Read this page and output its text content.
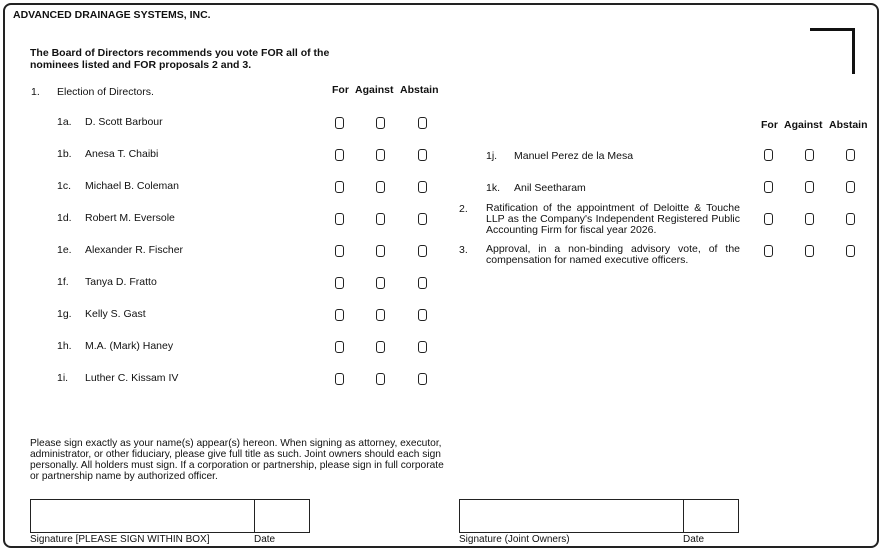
ADVANCED DRAINAGE SYSTEMS, INC.
The Board of Directors recommends you vote FOR all of the nominees listed and FOR proposals 2 and 3.
For Against Abstain
1. Election of Directors.
1a. D. Scott Barbour
1b. Anesa T. Chaibi
1c. Michael B. Coleman
1d. Robert M. Eversole
1e. Alexander R. Fischer
1f. Tanya D. Fratto
1g. Kelly S. Gast
1h. M.A. (Mark) Haney
1i. Luther C. Kissam IV
For Against Abstain
1j. Manuel Perez de la Mesa
1k. Anil Seetharam
2. Ratification of the appointment of Deloitte & Touche LLP as the Company's Independent Registered Public Accounting Firm for fiscal year 2026.
3. Approval, in a non-binding advisory vote, of the compensation for named executive officers.
Please sign exactly as your name(s) appear(s) hereon. When signing as attorney, executor, administrator, or other fiduciary, please give full title as such. Joint owners should each sign personally. All holders must sign. If a corporation or partnership, please sign in full corporate or partnership name by authorized officer.
Signature [PLEASE SIGN WITHIN BOX]	Date	Signature (Joint Owners)	Date
